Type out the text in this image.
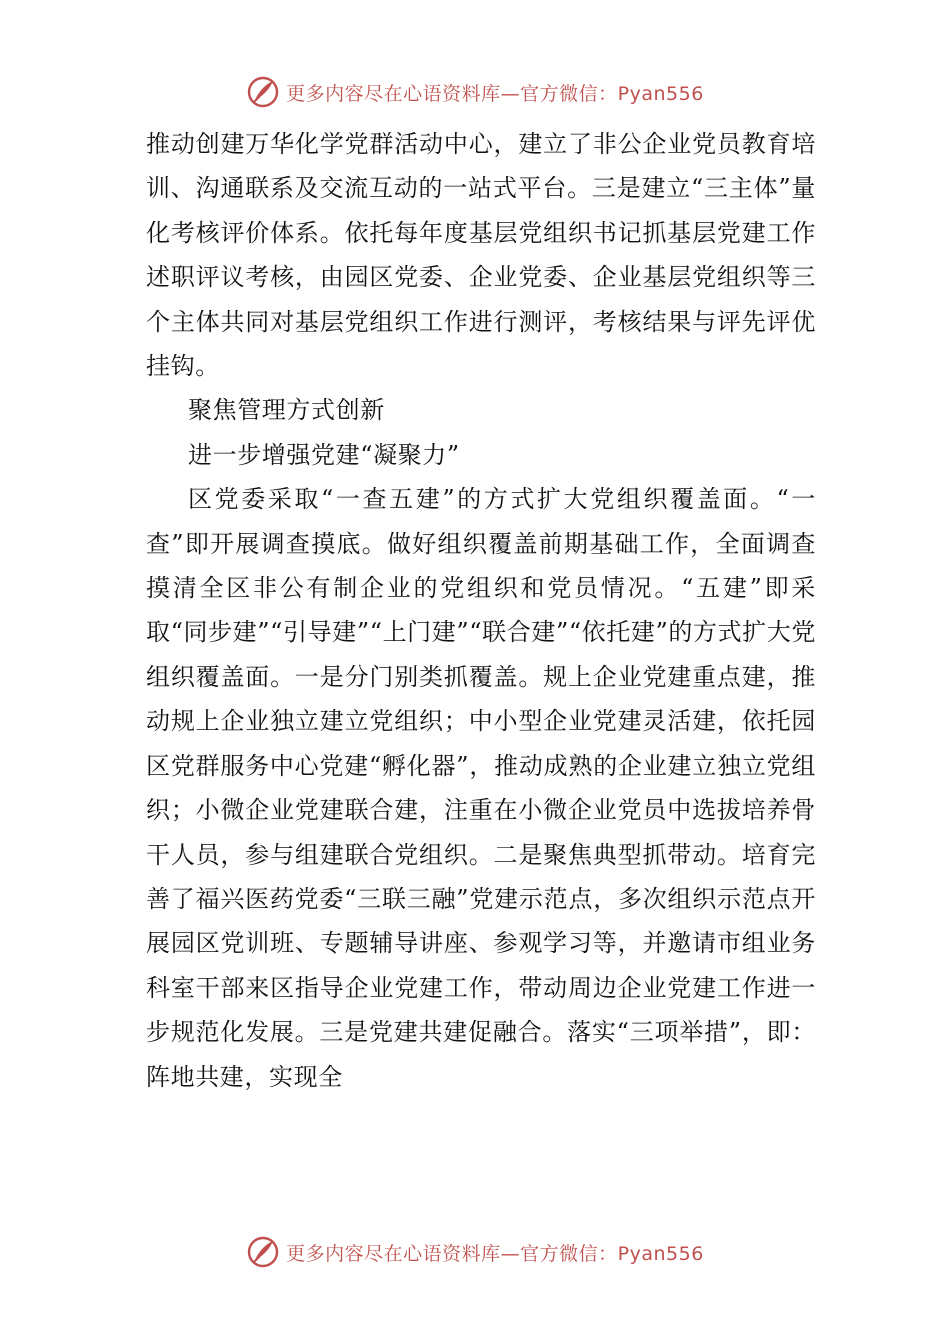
更多内容尽在心语资料库—官方微信：Pyan556

推动创建万华化学党群活动中心，建立了非公企业党员教育培训、沟通联系及交流互动的一站式平台。三是建立“三主体”量化考核评价体系。依托每年度基层党组织书记抓基层党建工作述职评议考核，由园区党委、企业党委、企业基层党组织等三个主体共同对基层党组织工作进行测评，考核结果与评先评优挂钩。

聚焦管理方式创新

进一步增强党建“凝聚力”

区党委采取“一查五建”的方式扩大党组织覆盖面。“一查”即开展调查摸底。做好组织覆盖前期基础工作，全面调查摸清全区非公有制企业的党组织和党员情况。“五建”即采取“同步建”“引导建”“上门建”“联合建”“依托建”的方式扩大党组织覆盖面。一是分门别类抓覆盖。规上企业党建重点建，推动规上企业独立建立党组织；中小型企业党建灵活建，依托园区党群服务中心党建“孵化器”，推动成熟的企业建立独立党组织；小微企业党建联合建，注重在小微企业党员中选拔培养骨干人员，参与组建联合党组织。二是聚焦典型抓带动。培育完善了福兴医药党委“三联三融”党建示范点，多次组织示范点开展园区党训班、专题辅导讲座、参观学习等，并邀请市组业务科室干部来区指导企业党建工作，带动周边企业党建工作进一步规范化发展。三是党建共建促融合。落实“三项举措”，即：阵地共建，实现全

更多内容尽在心语资料库—官方微信：Pyan556
